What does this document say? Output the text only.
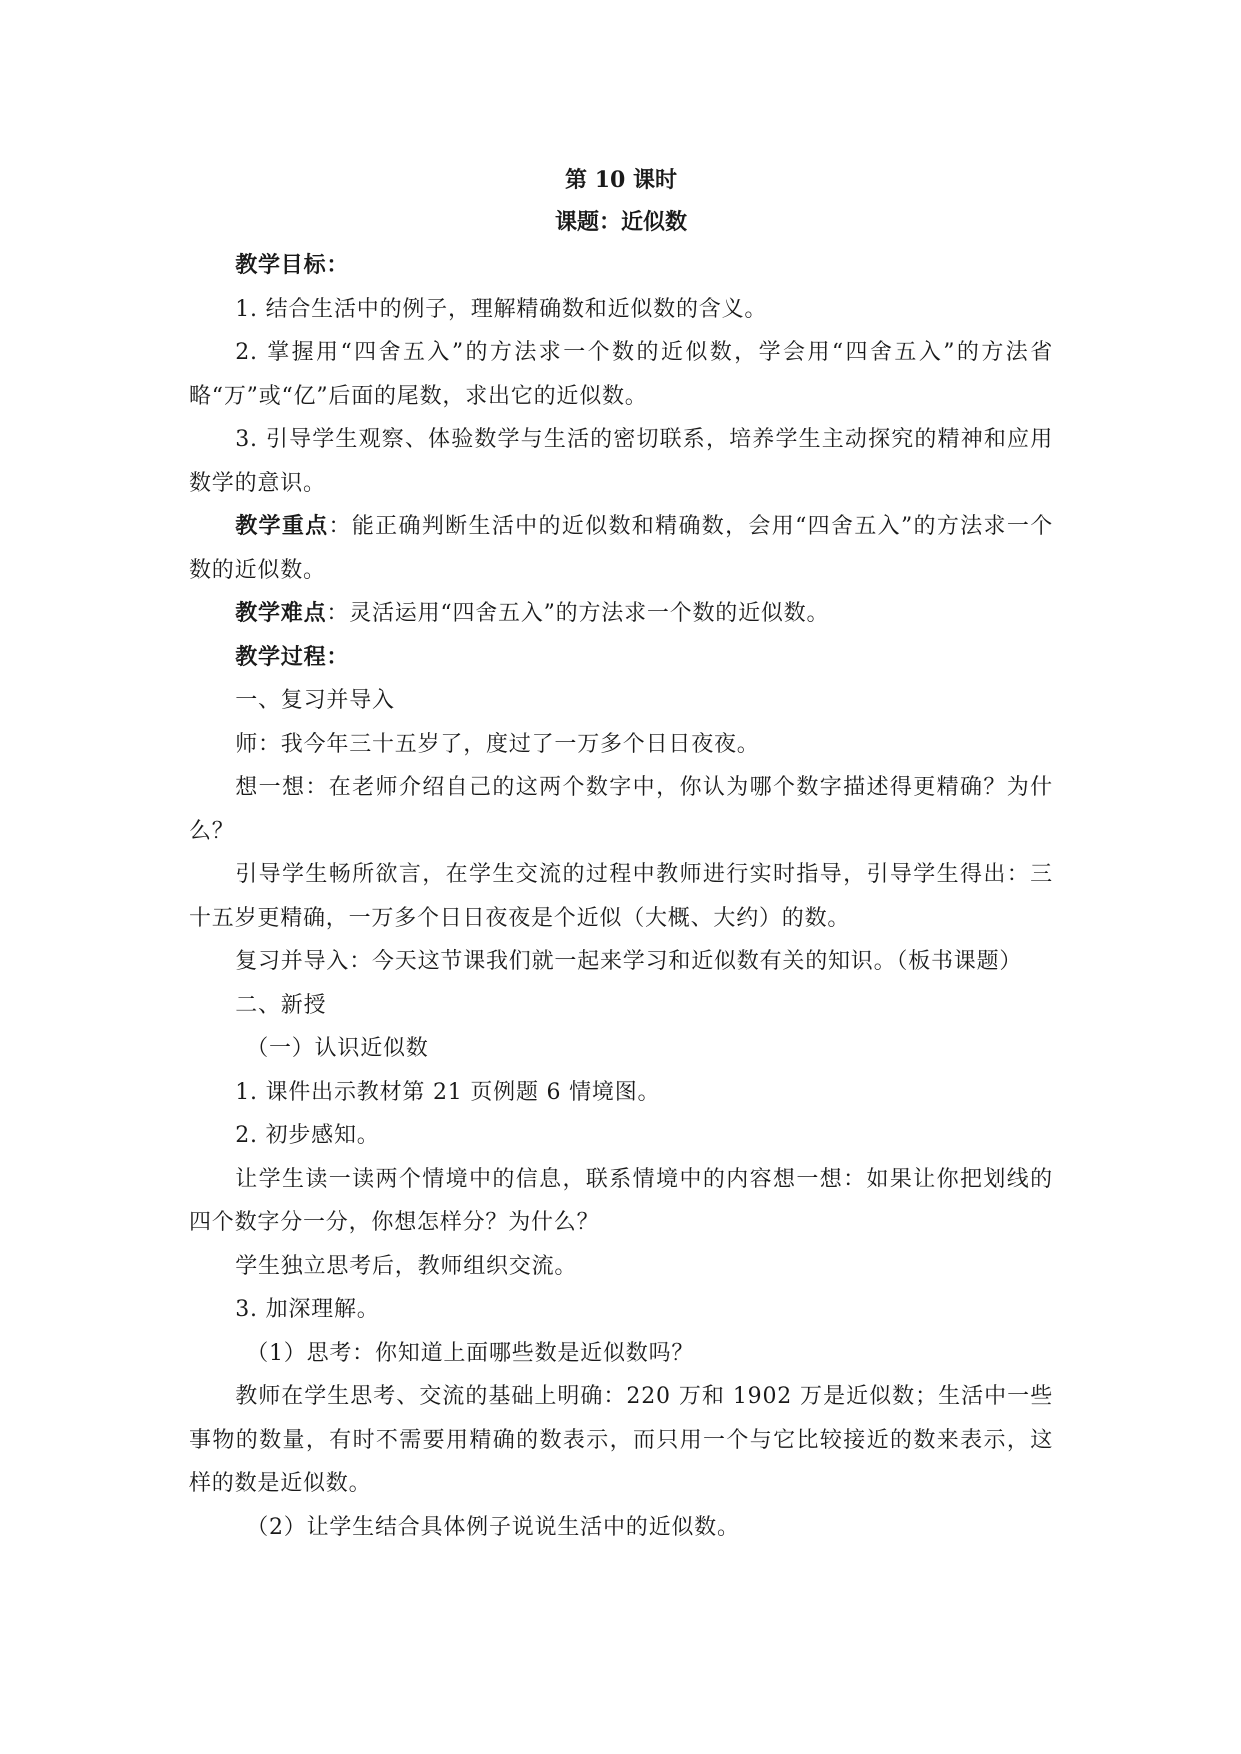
第 10 课时
课题：近似数

教学目标：

1. 结合生活中的例子，理解精确数和近似数的含义。

2. 掌握用“四舍五入”的方法求一个数的近似数，学会用“四舍五入”的方法省略“万”或“亿”后面的尾数，求出它的近似数。

3. 引导学生观察、体验数学与生活的密切联系，培养学生主动探究的精神和应用数学的意识。

教学重点：能正确判断生活中的近似数和精确数，会用“四舍五入”的方法求一个数的近似数。

教学难点：灵活运用“四舍五入”的方法求一个数的近似数。

教学过程：

一、复习并导入

师：我今年三十五岁了，度过了一万多个日日夜夜。

想一想：在老师介绍自己的这两个数字中，你认为哪个数字描述得更精确？为什么？

引导学生畅所欲言，在学生交流的过程中教师进行实时指导，引导学生得出：三十五岁更精确，一万多个日日夜夜是个近似（大概、大约）的数。

复习并导入：今天这节课我们就一起来学习和近似数有关的知识。（板书课题）

二、新授

（一）认识近似数

1. 课件出示教材第 21 页例题 6 情境图。

2. 初步感知。

让学生读一读两个情境中的信息，联系情境中的内容想一想：如果让你把划线的四个数字分一分，你想怎样分？为什么？

学生独立思考后，教师组织交流。

3. 加深理解。

（1）思考：你知道上面哪些数是近似数吗？

教师在学生思考、交流的基础上明确：220 万和 1902 万是近似数；生活中一些事物的数量，有时不需要用精确的数表示，而只用一个与它比较接近的数来表示，这样的数是近似数。

（2）让学生结合具体例子说说生活中的近似数。
